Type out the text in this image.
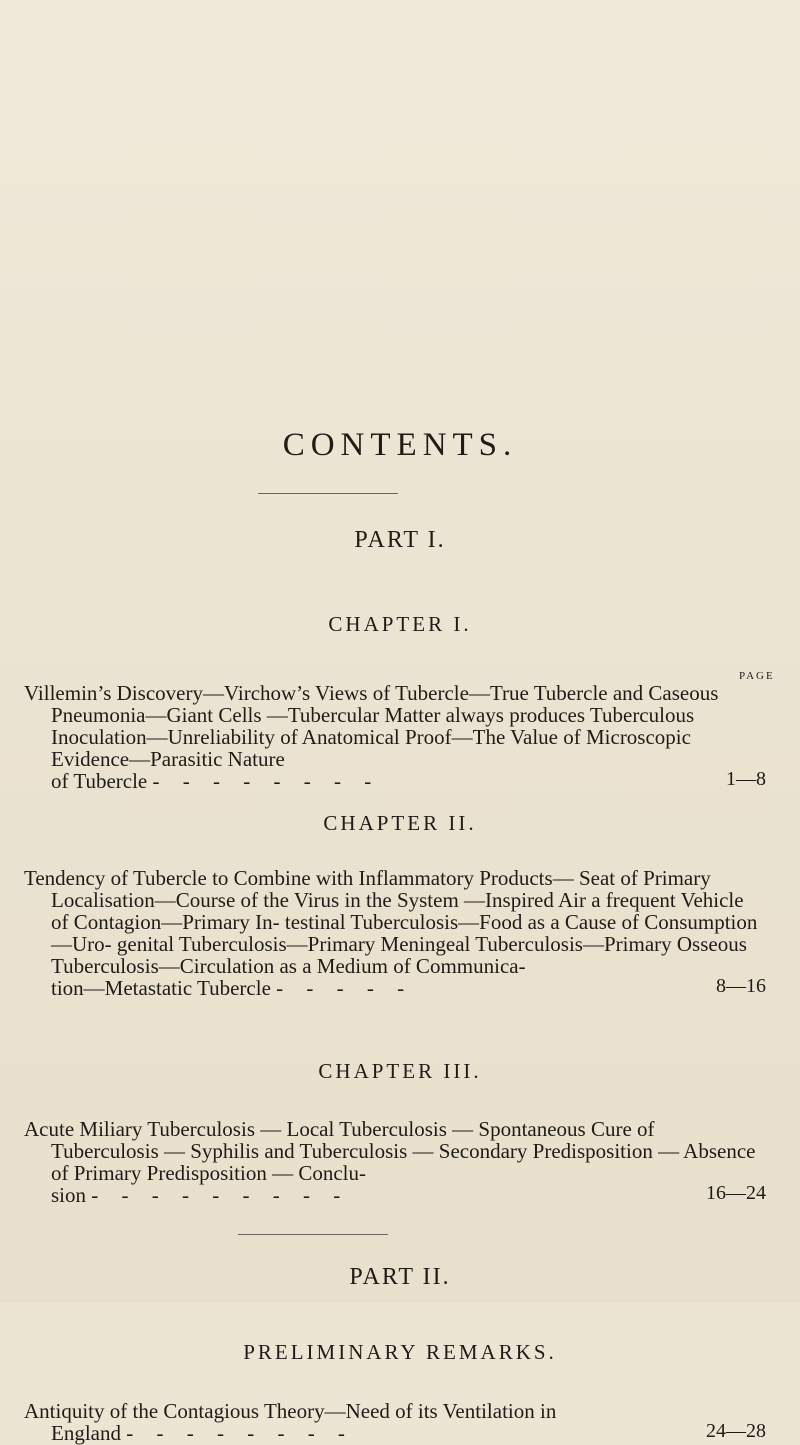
CONTENTS.
PART I.
CHAPTER I.
PAGE
Villemin’s Discovery—Virchow’s Views of Tubercle—True Tubercle and Caseous Pneumonia—Giant Cells —Tubercular Matter always produces Tuberculous Inoculation—Unreliability of Anatomical Proof—The Value of Microscopic Evidence—Parasitic Nature
of Tubercle - - - - - - - -	1—8
CHAPTER II.
Tendency of Tubercle to Combine with Inflammatory Products— Seat of Primary Localisation—Course of the Virus in the System —Inspired Air a frequent Vehicle of Contagion—Primary In- testinal Tuberculosis—Food as a Cause of Consumption—Uro- genital Tuberculosis—Primary Meningeal Tuberculosis—Primary Osseous Tuberculosis—Circulation as a Medium of Communica-
tion—Metastatic Tubercle - - - - -	8—16
CHAPTER III.
Acute Miliary Tuberculosis — Local Tuberculosis — Spontaneous Cure of Tuberculosis — Syphilis and Tuberculosis — Secondary Predisposition — Absence of Primary Predisposition — Conclu-
sion - - - - - - - - -	16—24
PART II.
PRELIMINARY REMARKS.
Antiquity of the Contagious Theory—Need of its Ventilation in
England - - - - - - - -	24—28
